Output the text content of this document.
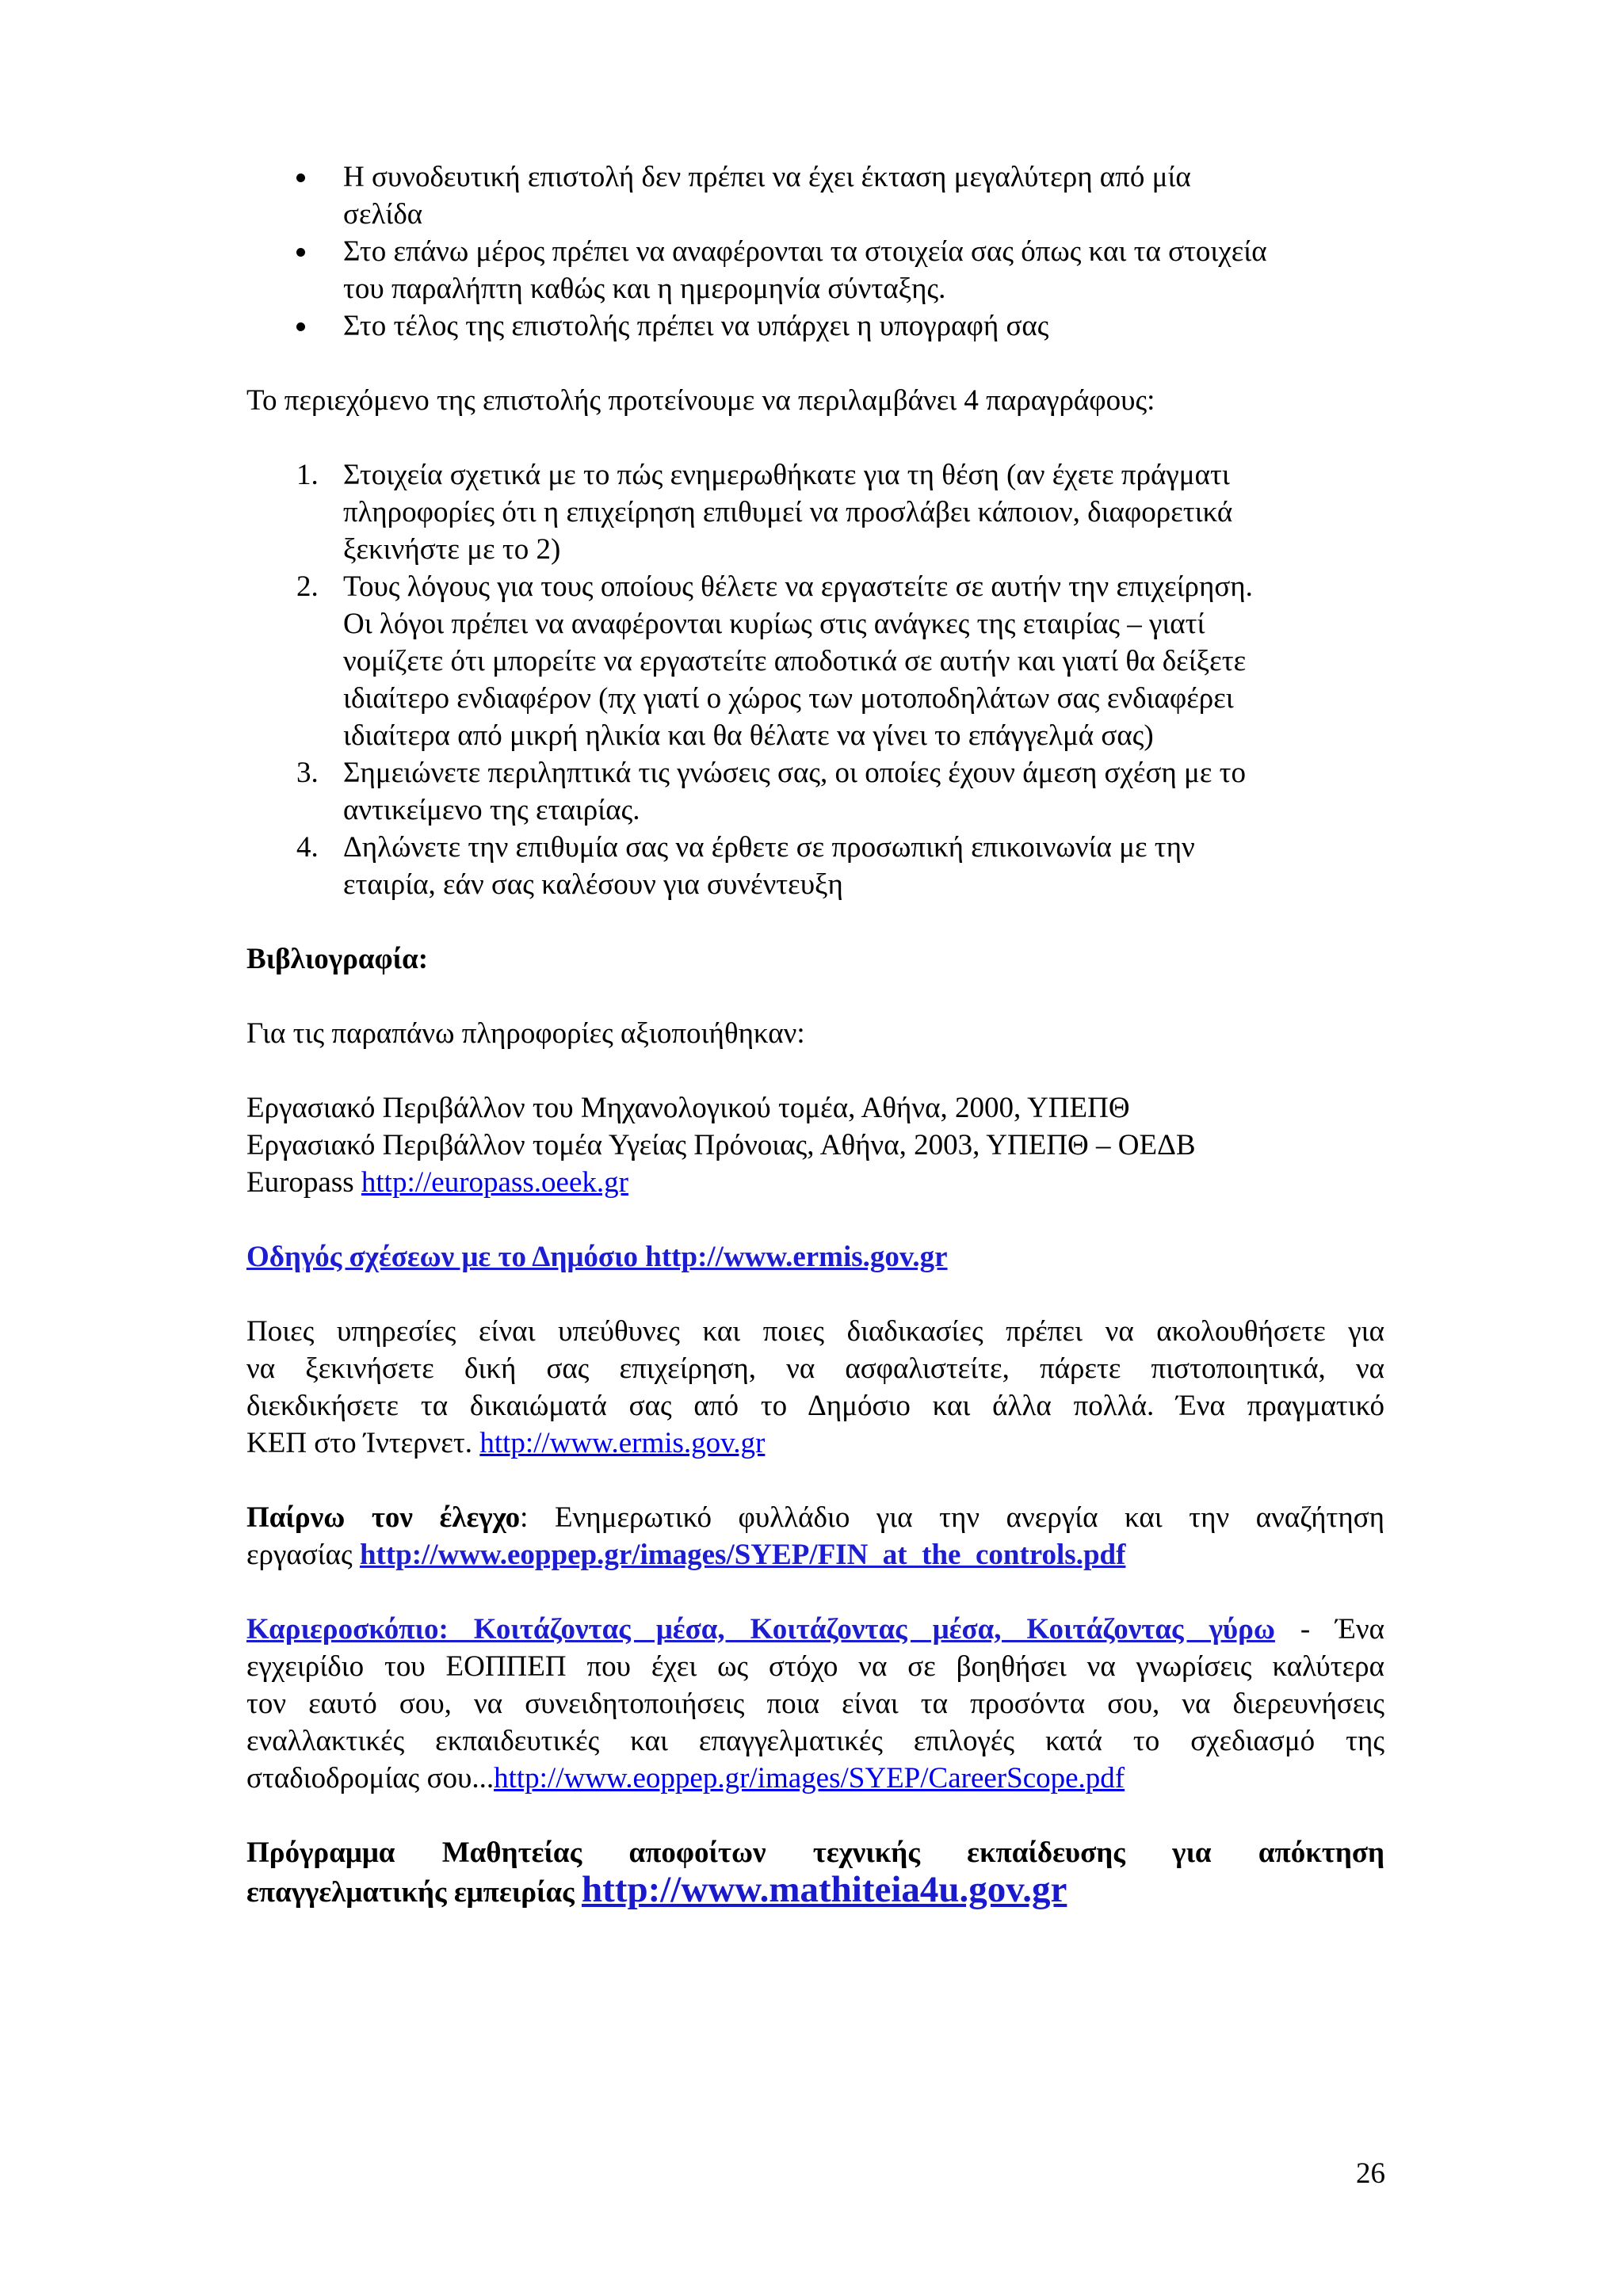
Η συνοδευτική επιστολή δεν πρέπει να έχει έκταση μεγαλύτερη από μία
σελίδα
Στο επάνω μέρος πρέπει να αναφέρονται τα στοιχεία σας όπως και τα στοιχεία
του παραλήπτη καθώς και η ημερομηνία σύνταξης.
Στο τέλος της επιστολής πρέπει να υπάρχει η υπογραφή σας

Το περιεχόμενο της επιστολής προτείνουμε να περιλαμβάνει 4 παραγράφους:

1. Στοιχεία σχετικά με το πώς ενημερωθήκατε για τη θέση (αν έχετε πράγματι
πληροφορίες ότι η επιχείρηση επιθυμεί να προσλάβει κάποιον, διαφορετικά
ξεκινήστε με το 2)
2. Τους λόγους για τους οποίους θέλετε να εργαστείτε σε αυτήν την επιχείρηση.
Οι λόγοι πρέπει να αναφέρονται κυρίως στις ανάγκες της εταιρίας – γιατί
νομίζετε ότι μπορείτε να εργαστείτε αποδοτικά σε αυτήν και γιατί θα δείξετε
ιδιαίτερο ενδιαφέρον (πχ γιατί ο χώρος των μοτοποδηλάτων σας ενδιαφέρει
ιδιαίτερα από μικρή ηλικία και θα θέλατε να γίνει το επάγγελμά σας)
3. Σημειώνετε περιληπτικά τις γνώσεις σας, οι οποίες έχουν άμεση σχέση με το
αντικείμενο της εταιρίας.
4. Δηλώνετε την επιθυμία σας να έρθετε σε προσωπική επικοινωνία με την
εταιρία, εάν σας καλέσουν για συνέντευξη

Βιβλιογραφία:

Για τις παραπάνω πληροφορίες αξιοποιήθηκαν:

Εργασιακό Περιβάλλον του Μηχανολογικού τομέα, Αθήνα, 2000, ΥΠΕΠΘ

Εργασιακό Περιβάλλον τομέα Υγείας Πρόνοιας, Αθήνα, 2003, ΥΠΕΠΘ – ΟΕΔΒ

Europass http://europass.oeek.gr

Οδηγός σχέσεων με το Δημόσιο http://www.ermis.gov.gr

Ποιες υπηρεσίες είναι υπεύθυνες και ποιες διαδικασίες πρέπει να ακολουθήσετε για
να ξεκινήσετε δική σας επιχείρηση, να ασφαλιστείτε, πάρετε πιστοποιητικά, να
διεκδικήσετε τα δικαιώματά σας από το Δημόσιο και άλλα πολλά. Ένα πραγματικό
ΚΕΠ στο Ίντερνετ. http://www.ermis.gov.gr
Παίρνω τον έλεγχο: Ενημερωτικό φυλλάδιο για την ανεργία και την αναζήτηση
εργασίας http://www.eoppep.gr/images/SYEP/FIN_at_the_controls.pdf
Καριεροσκόπιο: Κοιτάζοντας μέσα, Κοιτάζοντας μέσα, Κοιτάζοντας γύρω - Ένα
εγχειρίδιο του ΕΟΠΠΕΠ που έχει ως στόχο να σε βοηθήσει να γνωρίσεις καλύτερα
τον εαυτό σου, να συνειδητοποιήσεις ποια είναι τα προσόντα σου, να διερευνήσεις
εναλλακτικές εκπαιδευτικές και επαγγελματικές επιλογές κατά το σχεδιασμό της
σταδιοδρομίας σου...http://www.eoppep.gr/images/SYEP/CareerScope.pdf
Πρόγραμμα Μαθητείας αποφοίτων τεχνικής εκπαίδευσης για απόκτηση
επαγγελματικής εμπειρίας http://www.mathiteia4u.gov.gr
26
